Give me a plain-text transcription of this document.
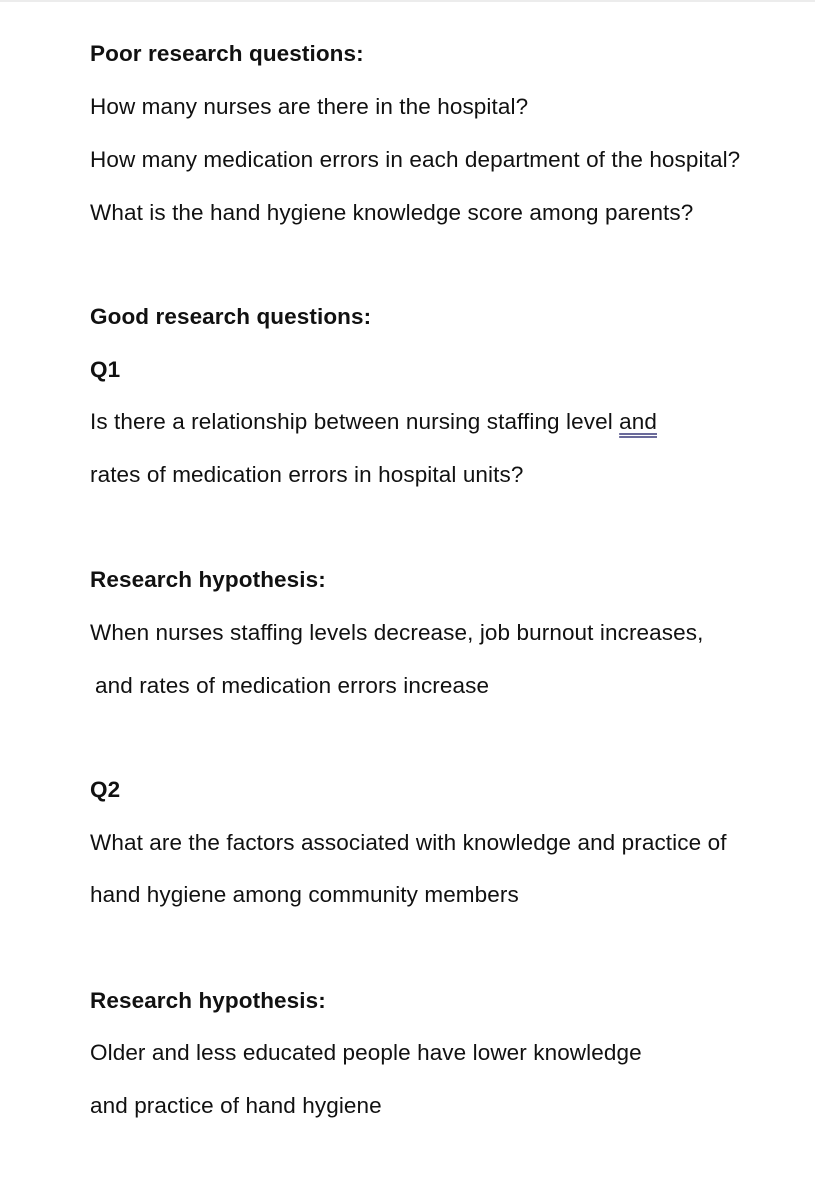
Poor research questions:
How many nurses are there in the hospital?
How many medication errors in each department of the hospital?
What is the hand hygiene knowledge score among parents?
Good research questions:
Q1
Is there a relationship between nursing staffing level and
rates of medication errors in hospital units?
Research hypothesis:
When nurses staffing levels decrease, job burnout increases,
and rates of medication errors increase
Q2
What are the factors associated with knowledge and practice of
hand hygiene among community members
Research hypothesis:
Older and less educated people have lower knowledge
and practice of hand hygiene
